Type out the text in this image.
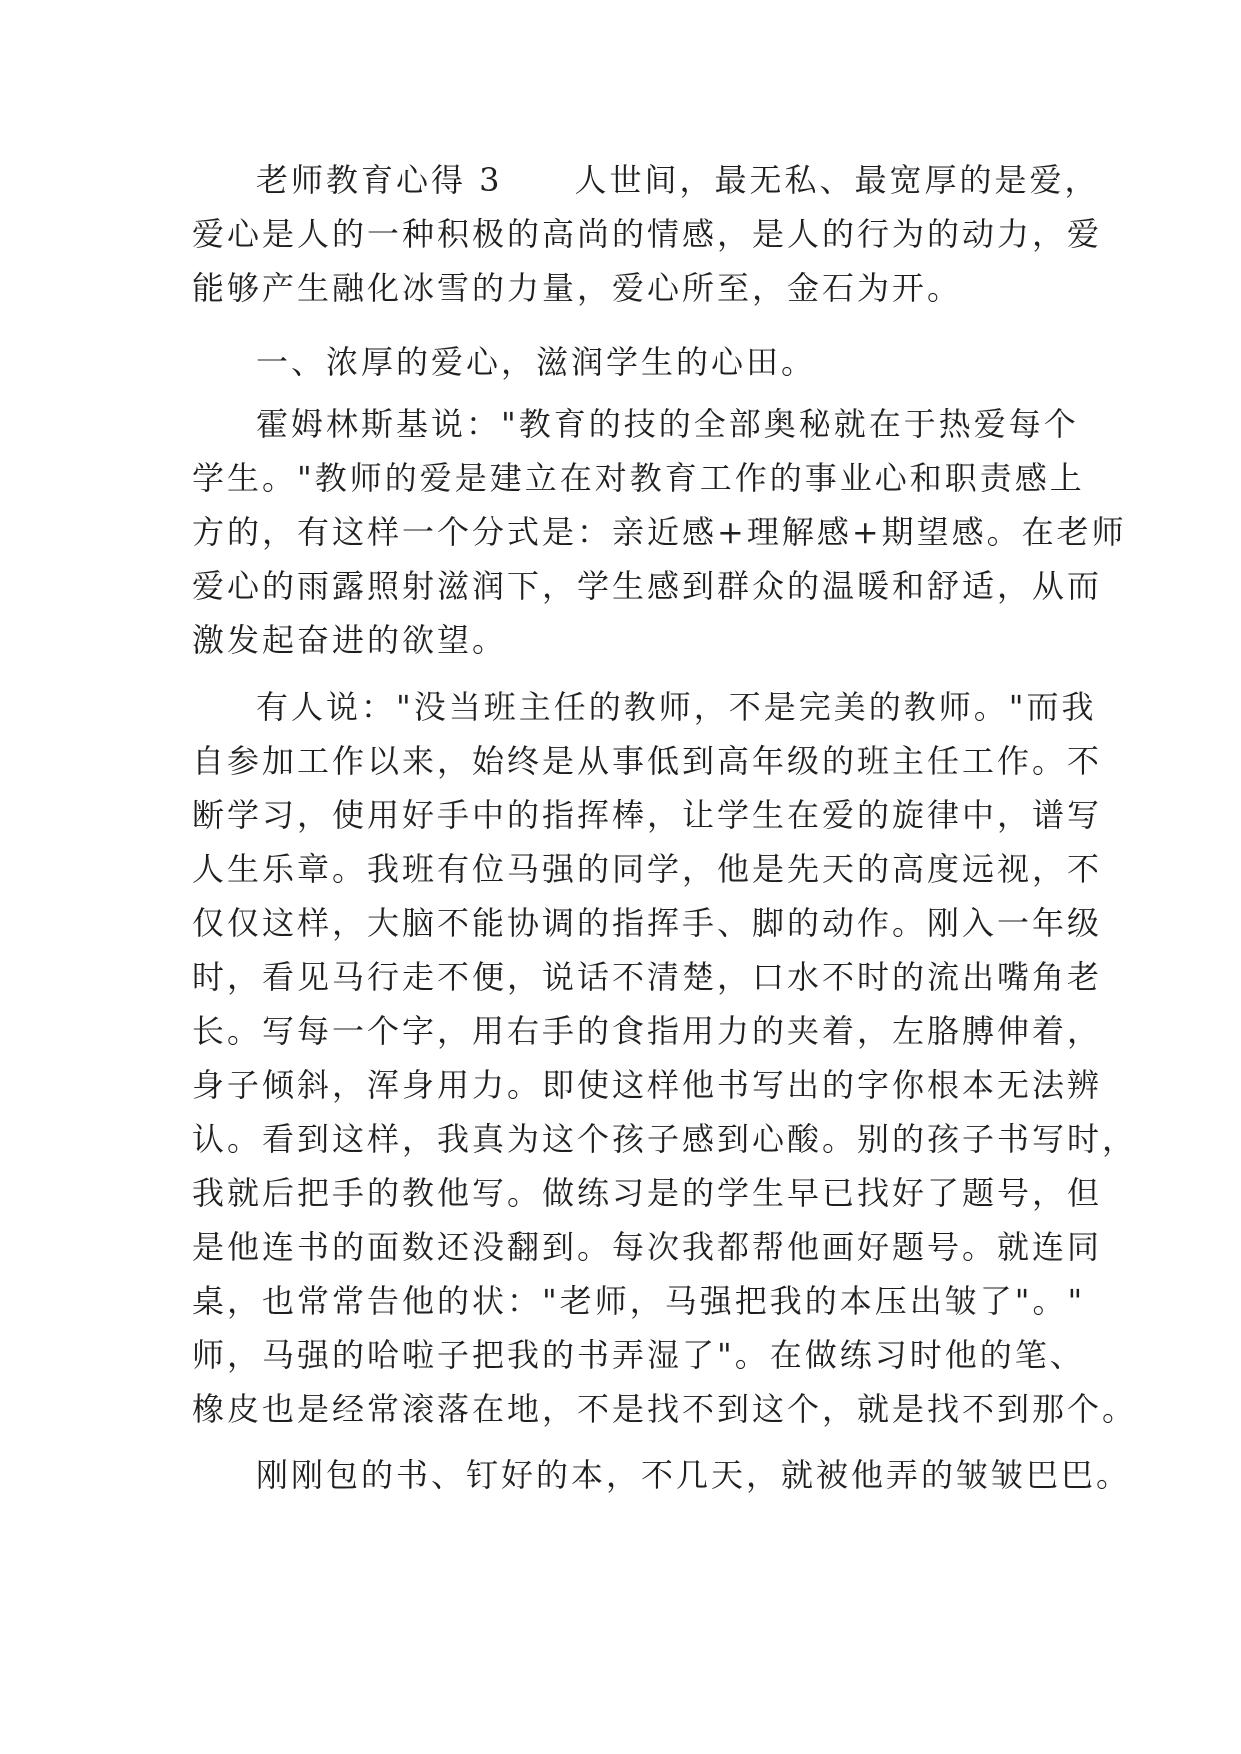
老师教育心得 3 人世间，最无私、最宽厚的是爱，
爱心是人的一种积极的高尚的情感，是人的行为的动力，爱
能够产生融化冰雪的力量，爱心所至，金石为开。
一、浓厚的爱心，滋润学生的心田。
霍姆林斯基说："教育的技的全部奥秘就在于热爱每个
学生。"教师的爱是建立在对教育工作的事业心和职责感上
方的，有这样一个分式是：亲近感+理解感+期望感。在老师
爱心的雨露照射滋润下，学生感到群众的温暖和舒适，从而
激发起奋进的欲望。
有人说："没当班主任的教师，不是完美的教师。"而我
自参加工作以来，始终是从事低到高年级的班主任工作。不
断学习，使用好手中的指挥棒，让学生在爱的旋律中，谱写
人生乐章。我班有位马强的同学，他是先天的高度远视，不
仅仅这样，大脑不能协调的指挥手、脚的动作。刚入一年级
时，看见马行走不便，说话不清楚，口水不时的流出嘴角老
长。写每一个字，用右手的食指用力的夹着，左胳膊伸着，
身子倾斜，浑身用力。即使这样他书写出的字你根本无法辨
认。看到这样，我真为这个孩子感到心酸。别的孩子书写时，
我就后把手的教他写。做练习是的学生早已找好了题号，但
是他连书的面数还没翻到。每次我都帮他画好题号。就连同
桌，也常常告他的状："老师，马强把我的本压出皱了"。"
师，马强的哈啦子把我的书弄湿了"。在做练习时他的笔、
橡皮也是经常滚落在地，不是找不到这个，就是找不到那个。
刚刚包的书、钉好的本，不几天，就被他弄的皱皱巴巴。
